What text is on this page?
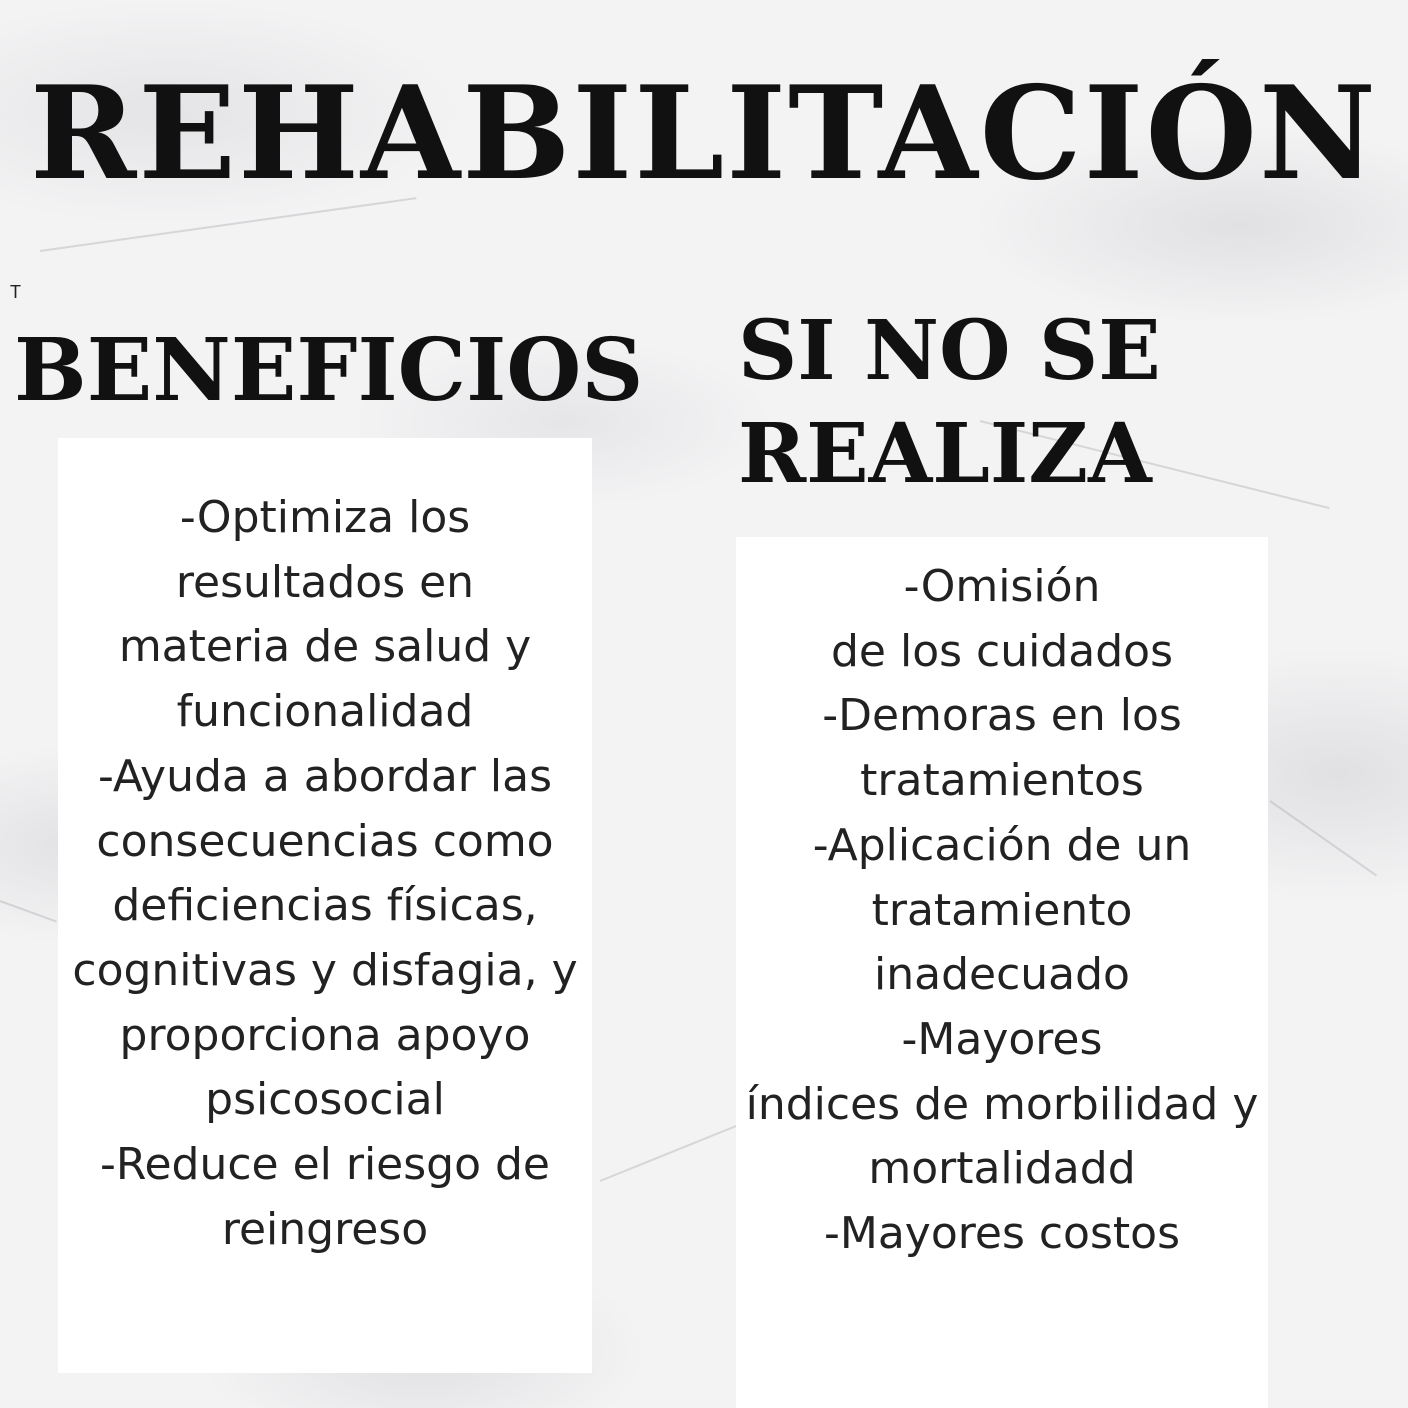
REHABILITACIÓN
T
BENEFICIOS SI NO SE
REALIZA
-Optimiza los
resultados en
materia de salud y
funcionalidad
-Ayuda a abordar las
consecuencias como
deficiencias físicas,
cognitivas y disfagia, y
proporciona apoyo
psicosocial
-Reduce el riesgo de
reingreso
-Omisión
de los cuidados
-Demoras en los
tratamientos
-Aplicación de un
tratamiento
inadecuado
-Mayores
índices de morbilidad y
mortalidadd
-Mayores costos
